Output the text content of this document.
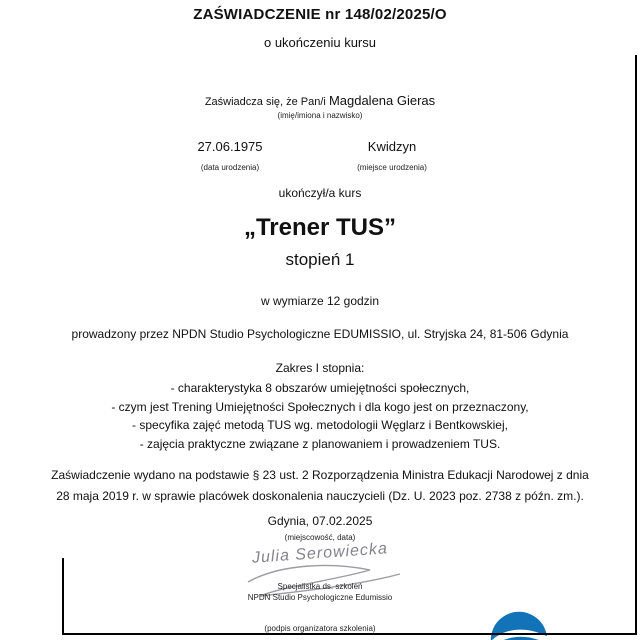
ZAŚWIADCZENIE nr 148/02/2025/O
o ukończeniu kursu
Zaświadcza się, że Pan/i Magdalena Gieras
(imię/imiona i nazwisko)
27.06.1975
(data urodzenia)
Kwidzyn
(miejsce urodzenia)
ukończył/a kurs
„Trener TUS”
stopień 1
w wymiarze 12 godzin
prowadzony przez NPDN Studio Psychologiczne EDUMISSIO, ul. Stryjska 24, 81-506 Gdynia
Zakres I stopnia:
- charakterystyka 8 obszarów umiejętności społecznych,
- czym jest Trening Umiejętności Społecznych i dla kogo jest on przeznaczony,
- specyfika zajęć metodą TUS wg. metodologii Węglarz i Bentkowskiej,
- zajęcia praktyczne związane z planowaniem i prowadzeniem TUS.
Zaświadczenie wydano na podstawie § 23 ust. 2 Rozporządzenia Ministra Edukacji Narodowej z dnia
28 maja 2019 r. w sprawie placówek doskonalenia nauczycieli (Dz. U. 2023 poz. 2738 z późn. zm.).
Gdynia, 07.02.2025
(miejscowość, data)
Julia Serowiecka
Specjalistka ds. szkoleń
NPDN Studio Psychologiczne Edumissio
(podpis organizatora szkolenia)
